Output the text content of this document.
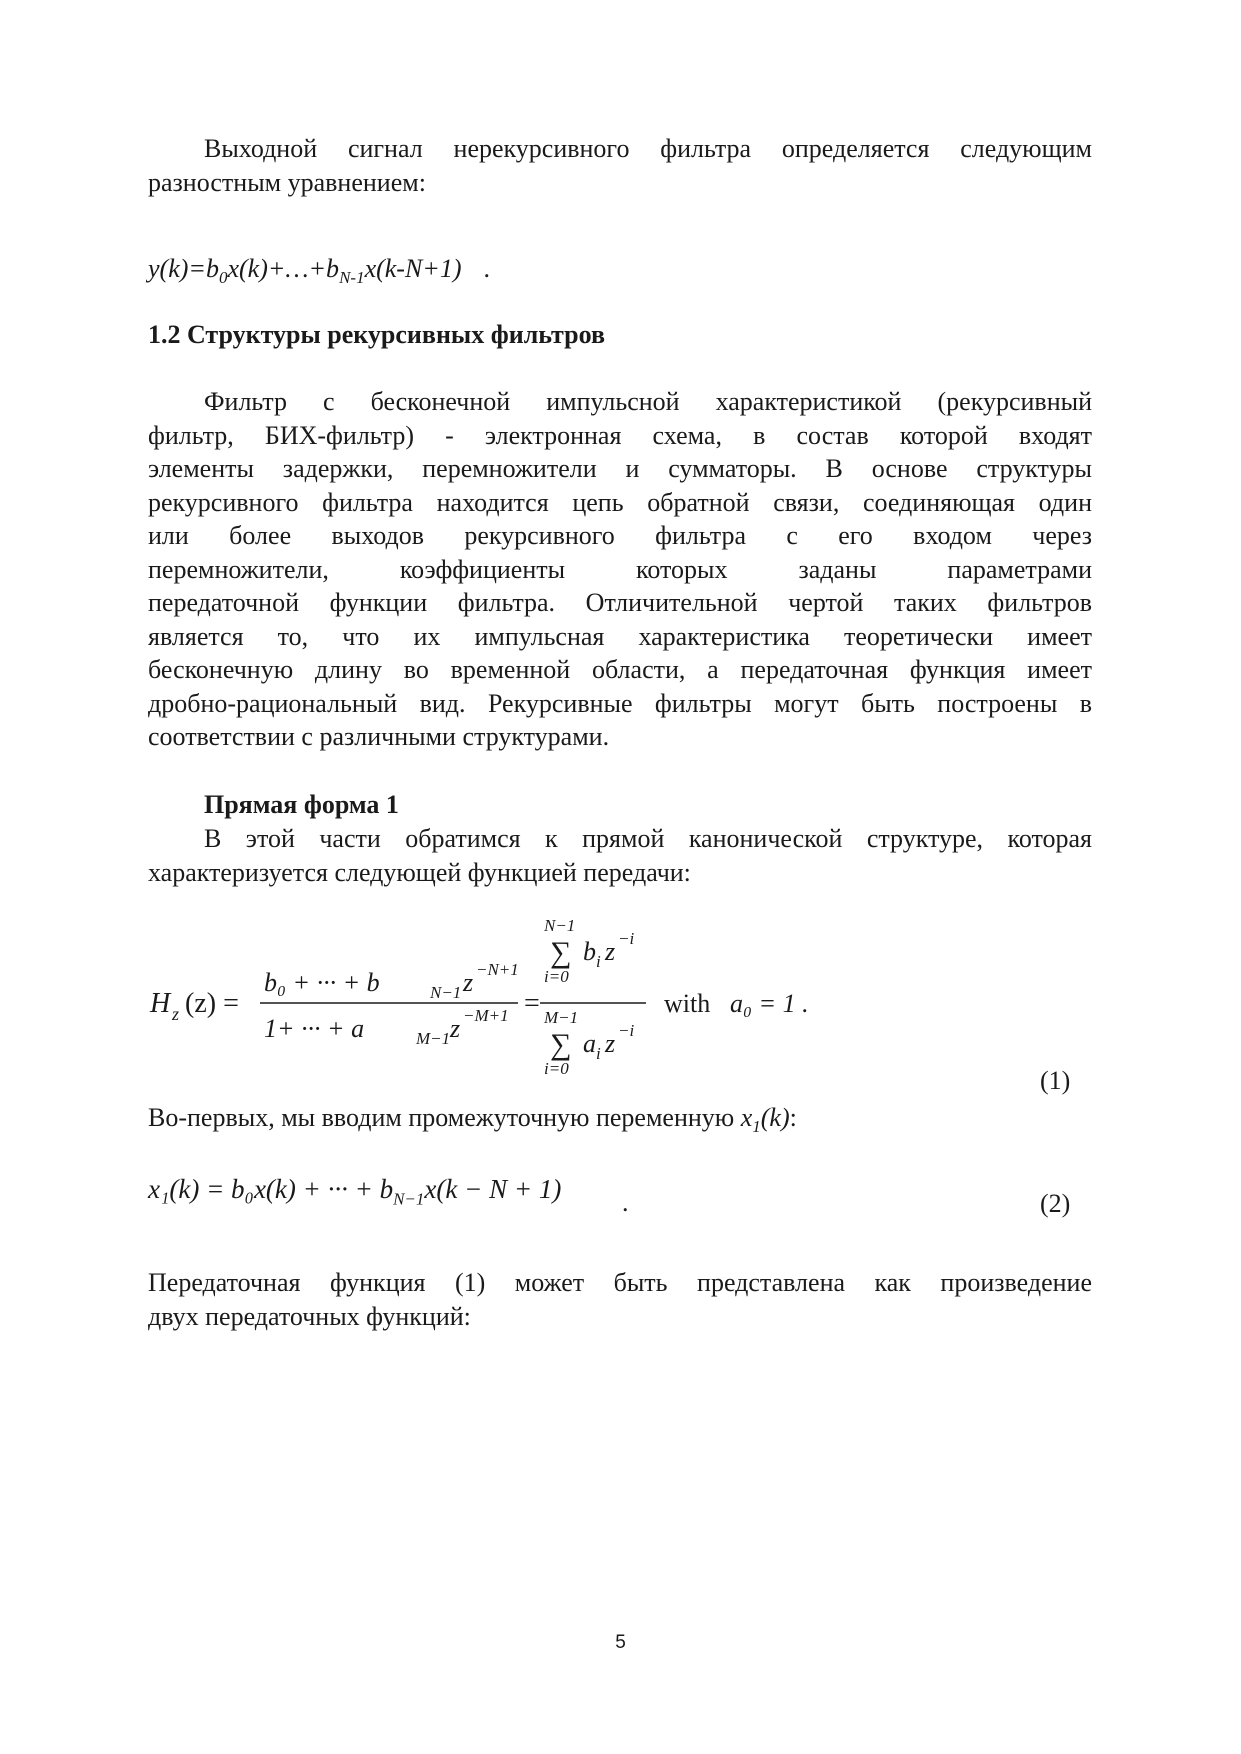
Выходной сигнал нерекурсивного фильтра определяется следующим
разностным уравнением:
$y(k)=b_0x(k)+\dots+b_{N-1}x(k-N+1)$ .
1.2 Структуры рекурсивных фильтров
Фильтр с бесконечной импульсной характеристикой (рекурсивный
фильтр, БИХ-фильтр) - электронная схема, в состав которой входят
элементы задержки, перемножители и сумматоры. В основе структуры
рекурсивного фильтра находится цепь обратной связи, соединяющая один
или более выходов рекурсивного фильтра с его входом через
перемножители, коэффициенты которых заданы параметрами
передаточной функции фильтра. Отличительной чертой таких фильтров
является то, что их импульсная характеристика теоретически имеет
бесконечную длину во временной области, а передаточная функция имеет
дробно-рациональный вид. Рекурсивные фильтры могут быть построены в
соответствии с различными структурами.
Прямая форма 1
В этой части обратимся к прямой канонической структуре, которая
характеризуется следующей функцией передачи:
H z (z) =
b₀ + ··· + b	N−1 z −N+1
1+ ··· + a	M−1 z −M+1 =
N−1
∑
i=0
b i z −i
M−1
∑
i=0
a i z −i
with a₀ = 1 .
(1)
Во-первых, мы вводим промежуточную переменную $x_1(k)$:
x₁(k) = b₀x(k) + ··· + $b_{N-1}x(k - N + 1)$ .	(2)
Передаточная функция (1) может быть представлена как произведение
двух передаточных функций:
5
